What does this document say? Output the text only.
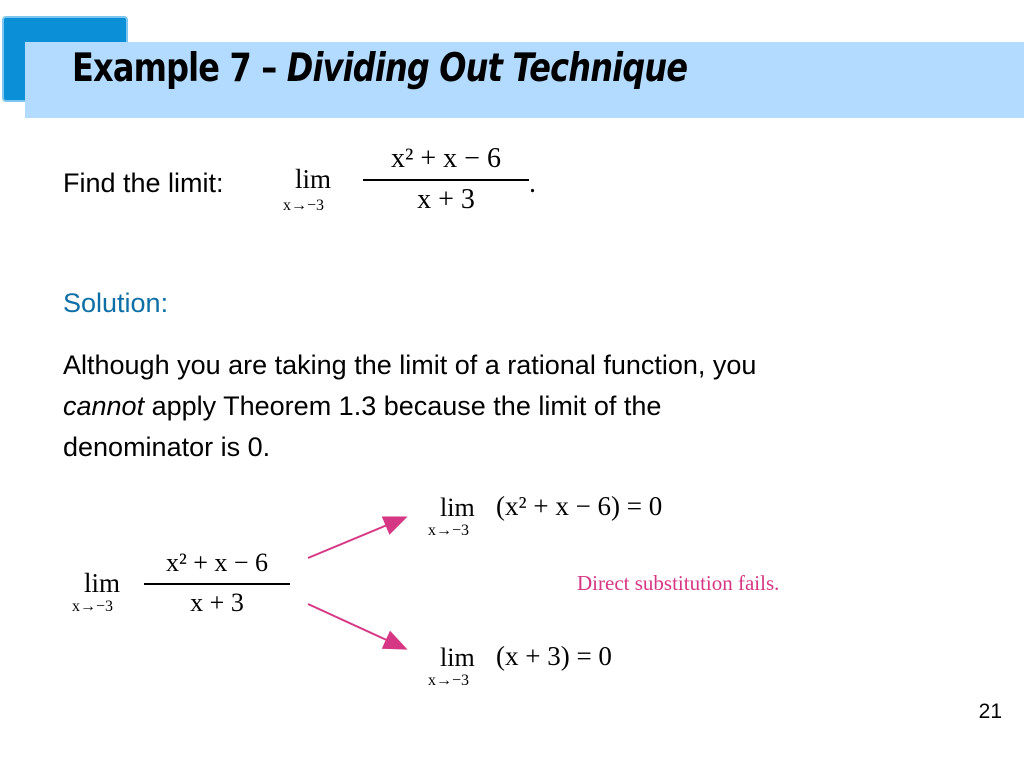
Example 7 – Dividing Out Technique
Find the limit:	lim
x→−3
x² + x − 6
x + 3
.
Solution:
Although you are taking the limit of a rational function, you
cannot apply Theorem 1.3 because the limit of the
denominator is 0.
lim
x→−3
x² + x − 6
x + 3
lim
x→−3
(x² + x − 6) = 0
Direct substitution fails.
lim
x→−3
(x + 3) = 0
21
